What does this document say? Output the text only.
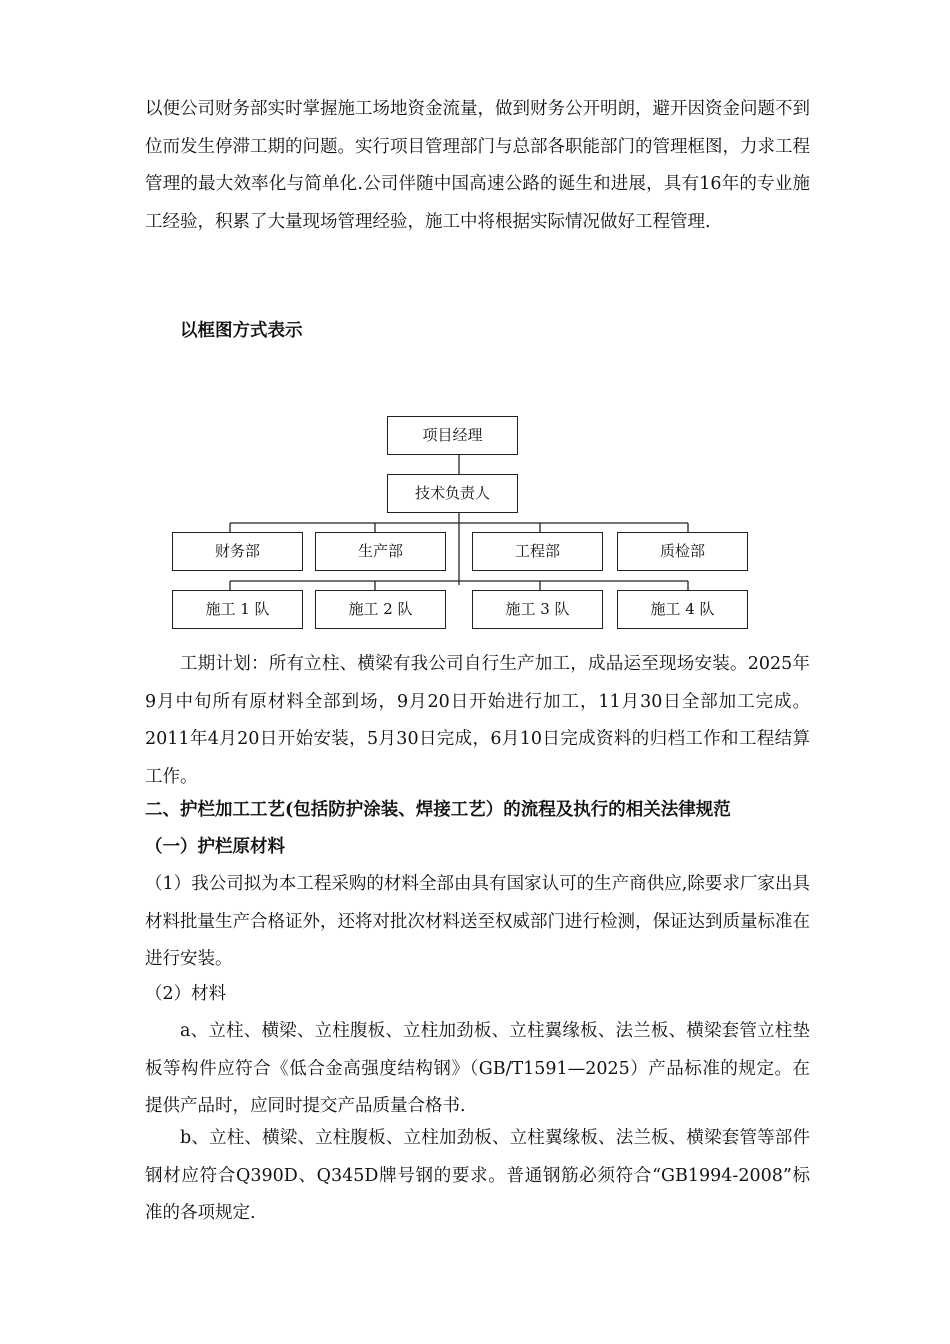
以便公司财务部实时掌握施工场地资金流量，做到财务公开明朗，避开因资金问题不到位而发生停滞工期的问题。实行项目管理部门与总部各职能部门的管理框图，力求工程管理的最大效率化与简单化.公司伴随中国高速公路的诞生和进展，具有16年的专业施工经验，积累了大量现场管理经验，施工中将根据实际情况做好工程管理.

以框图方式表示

项目经理
技术负责人
财务部	生产部	工程部	质检部
施工 1 队	施工 2 队	施工 3 队	施工 4 队

工期计划：所有立柱、横梁有我公司自行生产加工，成品运至现场安装。2025年9月中旬所有原材料全部到场，9月20日开始进行加工，11月30日全部加工完成。2011年4月20日开始安装，5月30日完成，6月10日完成资料的归档工作和工程结算工作。

二、护栏加工工艺(包括防护涂装、焊接工艺）的流程及执行的相关法律规范

（一）护栏原材料

（1）我公司拟为本工程采购的材料全部由具有国家认可的生产商供应,除要求厂家出具材料批量生产合格证外，还将对批次材料送至权威部门进行检测，保证达到质量标准在进行安装。

（2）材料

a、立柱、横梁、立柱腹板、立柱加劲板、立柱翼缘板、法兰板、横梁套管立柱垫板等构件应符合《低合金高强度结构钢》（GB/T1591—2025）产品标准的规定。在提供产品时，应同时提交产品质量合格书.

b、立柱、横梁、立柱腹板、立柱加劲板、立柱翼缘板、法兰板、横梁套管等部件钢材应符合Q390D、Q345D牌号钢的要求。普通钢筋必须符合“GB1994-2008”标准的各项规定.
